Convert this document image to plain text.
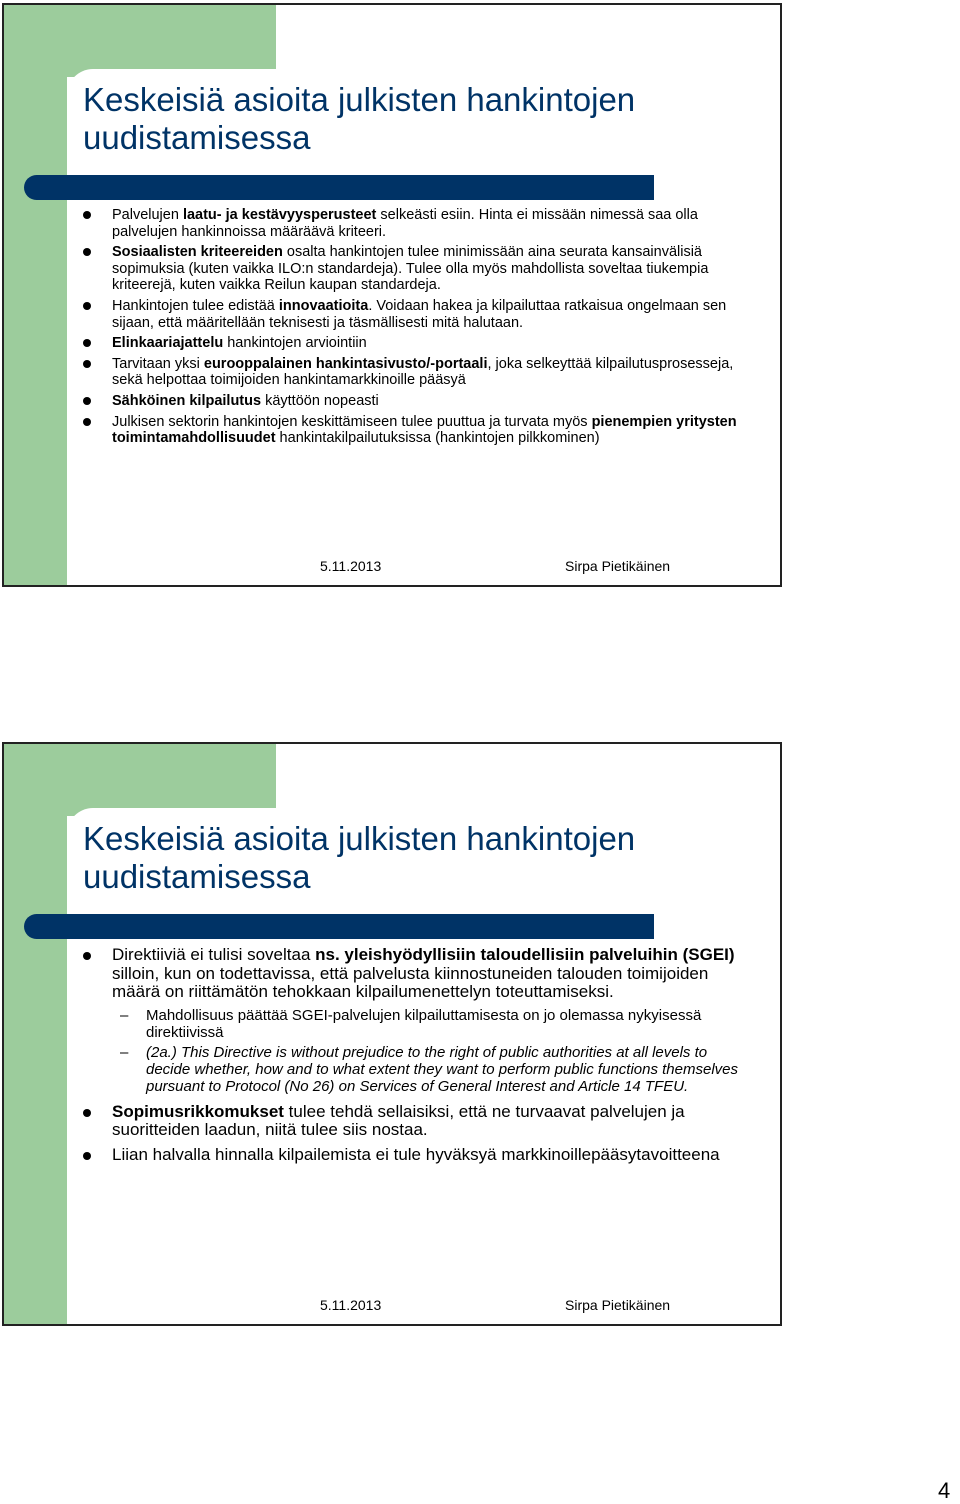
Keskeisiä asioita julkisten hankintojen
uudistamisessa
Palvelujen laatu- ja kestävyysperusteet selkeästi esiin. Hinta ei missään nimessä saa olla palvelujen hankinnoissa määräävä kriteeri.
Sosiaalisten kriteereiden osalta hankintojen tulee minimissään aina seurata kansainvälisiä sopimuksia (kuten vaikka ILO:n standardeja). Tulee olla myös mahdollista soveltaa tiukempia kriteerejä, kuten vaikka Reilun kaupan standardeja.
Hankintojen tulee edistää innovaatioita. Voidaan hakea ja kilpailuttaa ratkaisua ongelmaan sen sijaan, että määritellään teknisesti ja täsmällisesti mitä halutaan.
Elinkaariajattelu hankintojen arviointiin
Tarvitaan yksi eurooppalainen hankintasivusto/-portaali, joka selkeyttää kilpailutusprosesseja, sekä helpottaa toimijoiden hankintamarkkinoille pääsyä
Sähköinen kilpailutus käyttöön nopeasti
Julkisen sektorin hankintojen keskittämiseen tulee puuttua ja turvata myös pienempien yritysten toimintamahdollisuudet hankintakilpailutuksissa (hankintojen pilkkominen)
5.11.2013	Sirpa Pietikäinen
Keskeisiä asioita julkisten hankintojen
uudistamisessa
Direktiiviä ei tulisi soveltaa ns. yleishyödyllisiin taloudellisiin palveluihin (SGEI) silloin, kun on todettavissa, että palvelusta kiinnostuneiden talouden toimijoiden määrä on riittämätön tehokkaan kilpailumenettelyn toteuttamiseksi.
–	Mahdollisuus päättää SGEI-palvelujen kilpailuttamisesta on jo olemassa nykyisessä direktiivissä
–	(2a.) This Directive is without prejudice to the right of public authorities at all levels to decide whether, how and to what extent they want to perform public functions themselves pursuant to Protocol (No 26) on Services of General Interest and Article 14 TFEU.
Sopimusrikkomukset tulee tehdä sellaisiksi, että ne turvaavat palvelujen ja suoritteiden laadun, niitä tulee siis nostaa.
Liian halvalla hinnalla kilpailemista ei tule hyväksyä markkinoillepääsytavoitteena
5.11.2013	Sirpa Pietikäinen
4
